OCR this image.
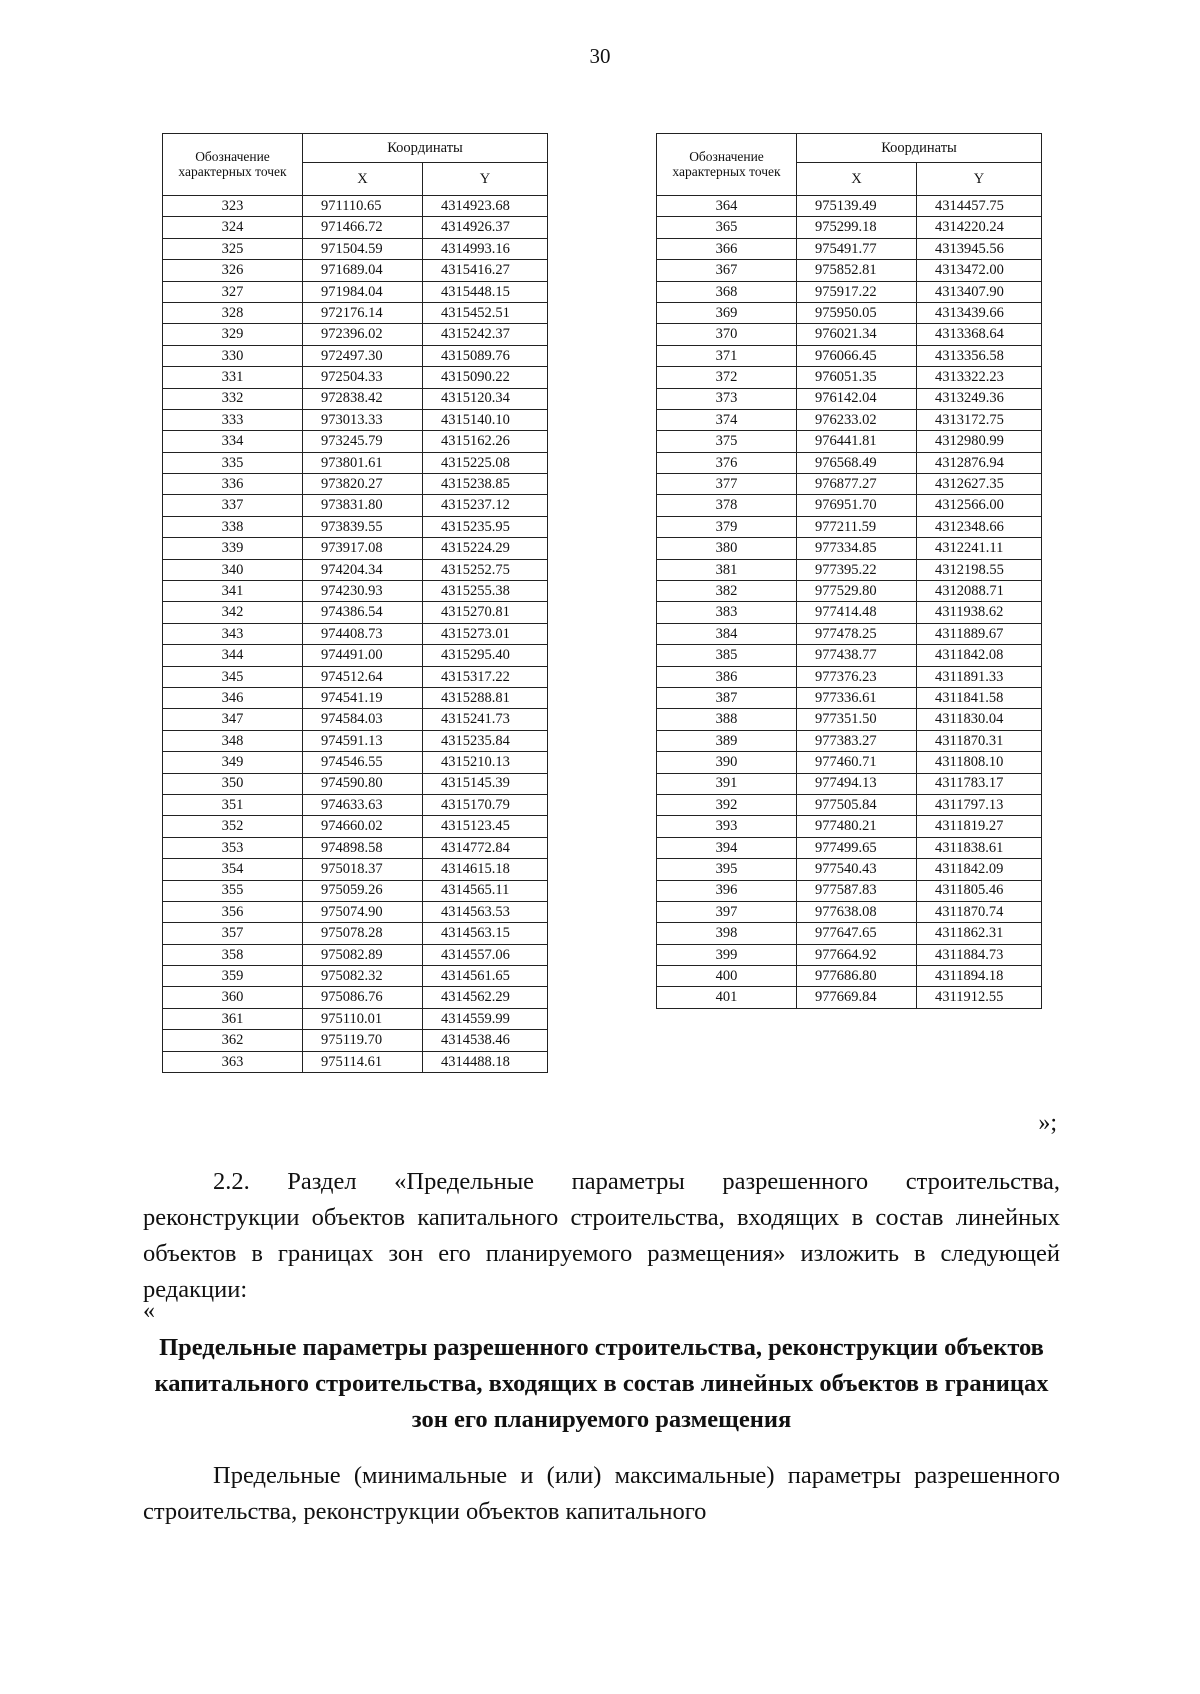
30
Обозначение характерных точек	Координаты	
	X	Y
323	971110.65	4314923.68
324	971466.72	4314926.37
325	971504.59	4314993.16
326	971689.04	4315416.27
327	971984.04	4315448.15
328	972176.14	4315452.51
329	972396.02	4315242.37
330	972497.30	4315089.76
331	972504.33	4315090.22
332	972838.42	4315120.34
333	973013.33	4315140.10
334	973245.79	4315162.26
335	973801.61	4315225.08
336	973820.27	4315238.85
337	973831.80	4315237.12
338	973839.55	4315235.95
339	973917.08	4315224.29
340	974204.34	4315252.75
341	974230.93	4315255.38
342	974386.54	4315270.81
343	974408.73	4315273.01
344	974491.00	4315295.40
345	974512.64	4315317.22
346	974541.19	4315288.81
347	974584.03	4315241.73
348	974591.13	4315235.84
349	974546.55	4315210.13
350	974590.80	4315145.39
351	974633.63	4315170.79
352	974660.02	4315123.45
353	974898.58	4314772.84
354	975018.37	4314615.18
355	975059.26	4314565.11
356	975074.90	4314563.53
357	975078.28	4314563.15
358	975082.89	4314557.06
359	975082.32	4314561.65
360	975086.76	4314562.29
361	975110.01	4314559.99
362	975119.70	4314538.46
363	975114.61	4314488.18
Обозначение характерных точек	Координаты	
	X	Y
364	975139.49	4314457.75
365	975299.18	4314220.24
366	975491.77	4313945.56
367	975852.81	4313472.00
368	975917.22	4313407.90
369	975950.05	4313439.66
370	976021.34	4313368.64
371	976066.45	4313356.58
372	976051.35	4313322.23
373	976142.04	4313249.36
374	976233.02	4313172.75
375	976441.81	4312980.99
376	976568.49	4312876.94
377	976877.27	4312627.35
378	976951.70	4312566.00
379	977211.59	4312348.66
380	977334.85	4312241.11
381	977395.22	4312198.55
382	977529.80	4312088.71
383	977414.48	4311938.62
384	977478.25	4311889.67
385	977438.77	4311842.08
386	977376.23	4311891.33
387	977336.61	4311841.58
388	977351.50	4311830.04
389	977383.27	4311870.31
390	977460.71	4311808.10
391	977494.13	4311783.17
392	977505.84	4311797.13
393	977480.21	4311819.27
394	977499.65	4311838.61
395	977540.43	4311842.09
396	977587.83	4311805.46
397	977638.08	4311870.74
398	977647.65	4311862.31
399	977664.92	4311884.73
400	977686.80	4311894.18
401	977669.84	4311912.55
»;

2.2. Раздел «Предельные параметры разрешенного строительства, реконструкции объектов капитального строительства, входящих в состав линейных объектов в границах зон его планируемого размещения» изложить в следующей редакции:

«
Предельные параметры разрешенного строительства, реконструкции объектов капитального строительства, входящих в состав линейных объектов в границах зон его планируемого размещения

Предельные (минимальные и (или) максимальные) параметры разрешенного строительства, реконструкции объектов капитального
